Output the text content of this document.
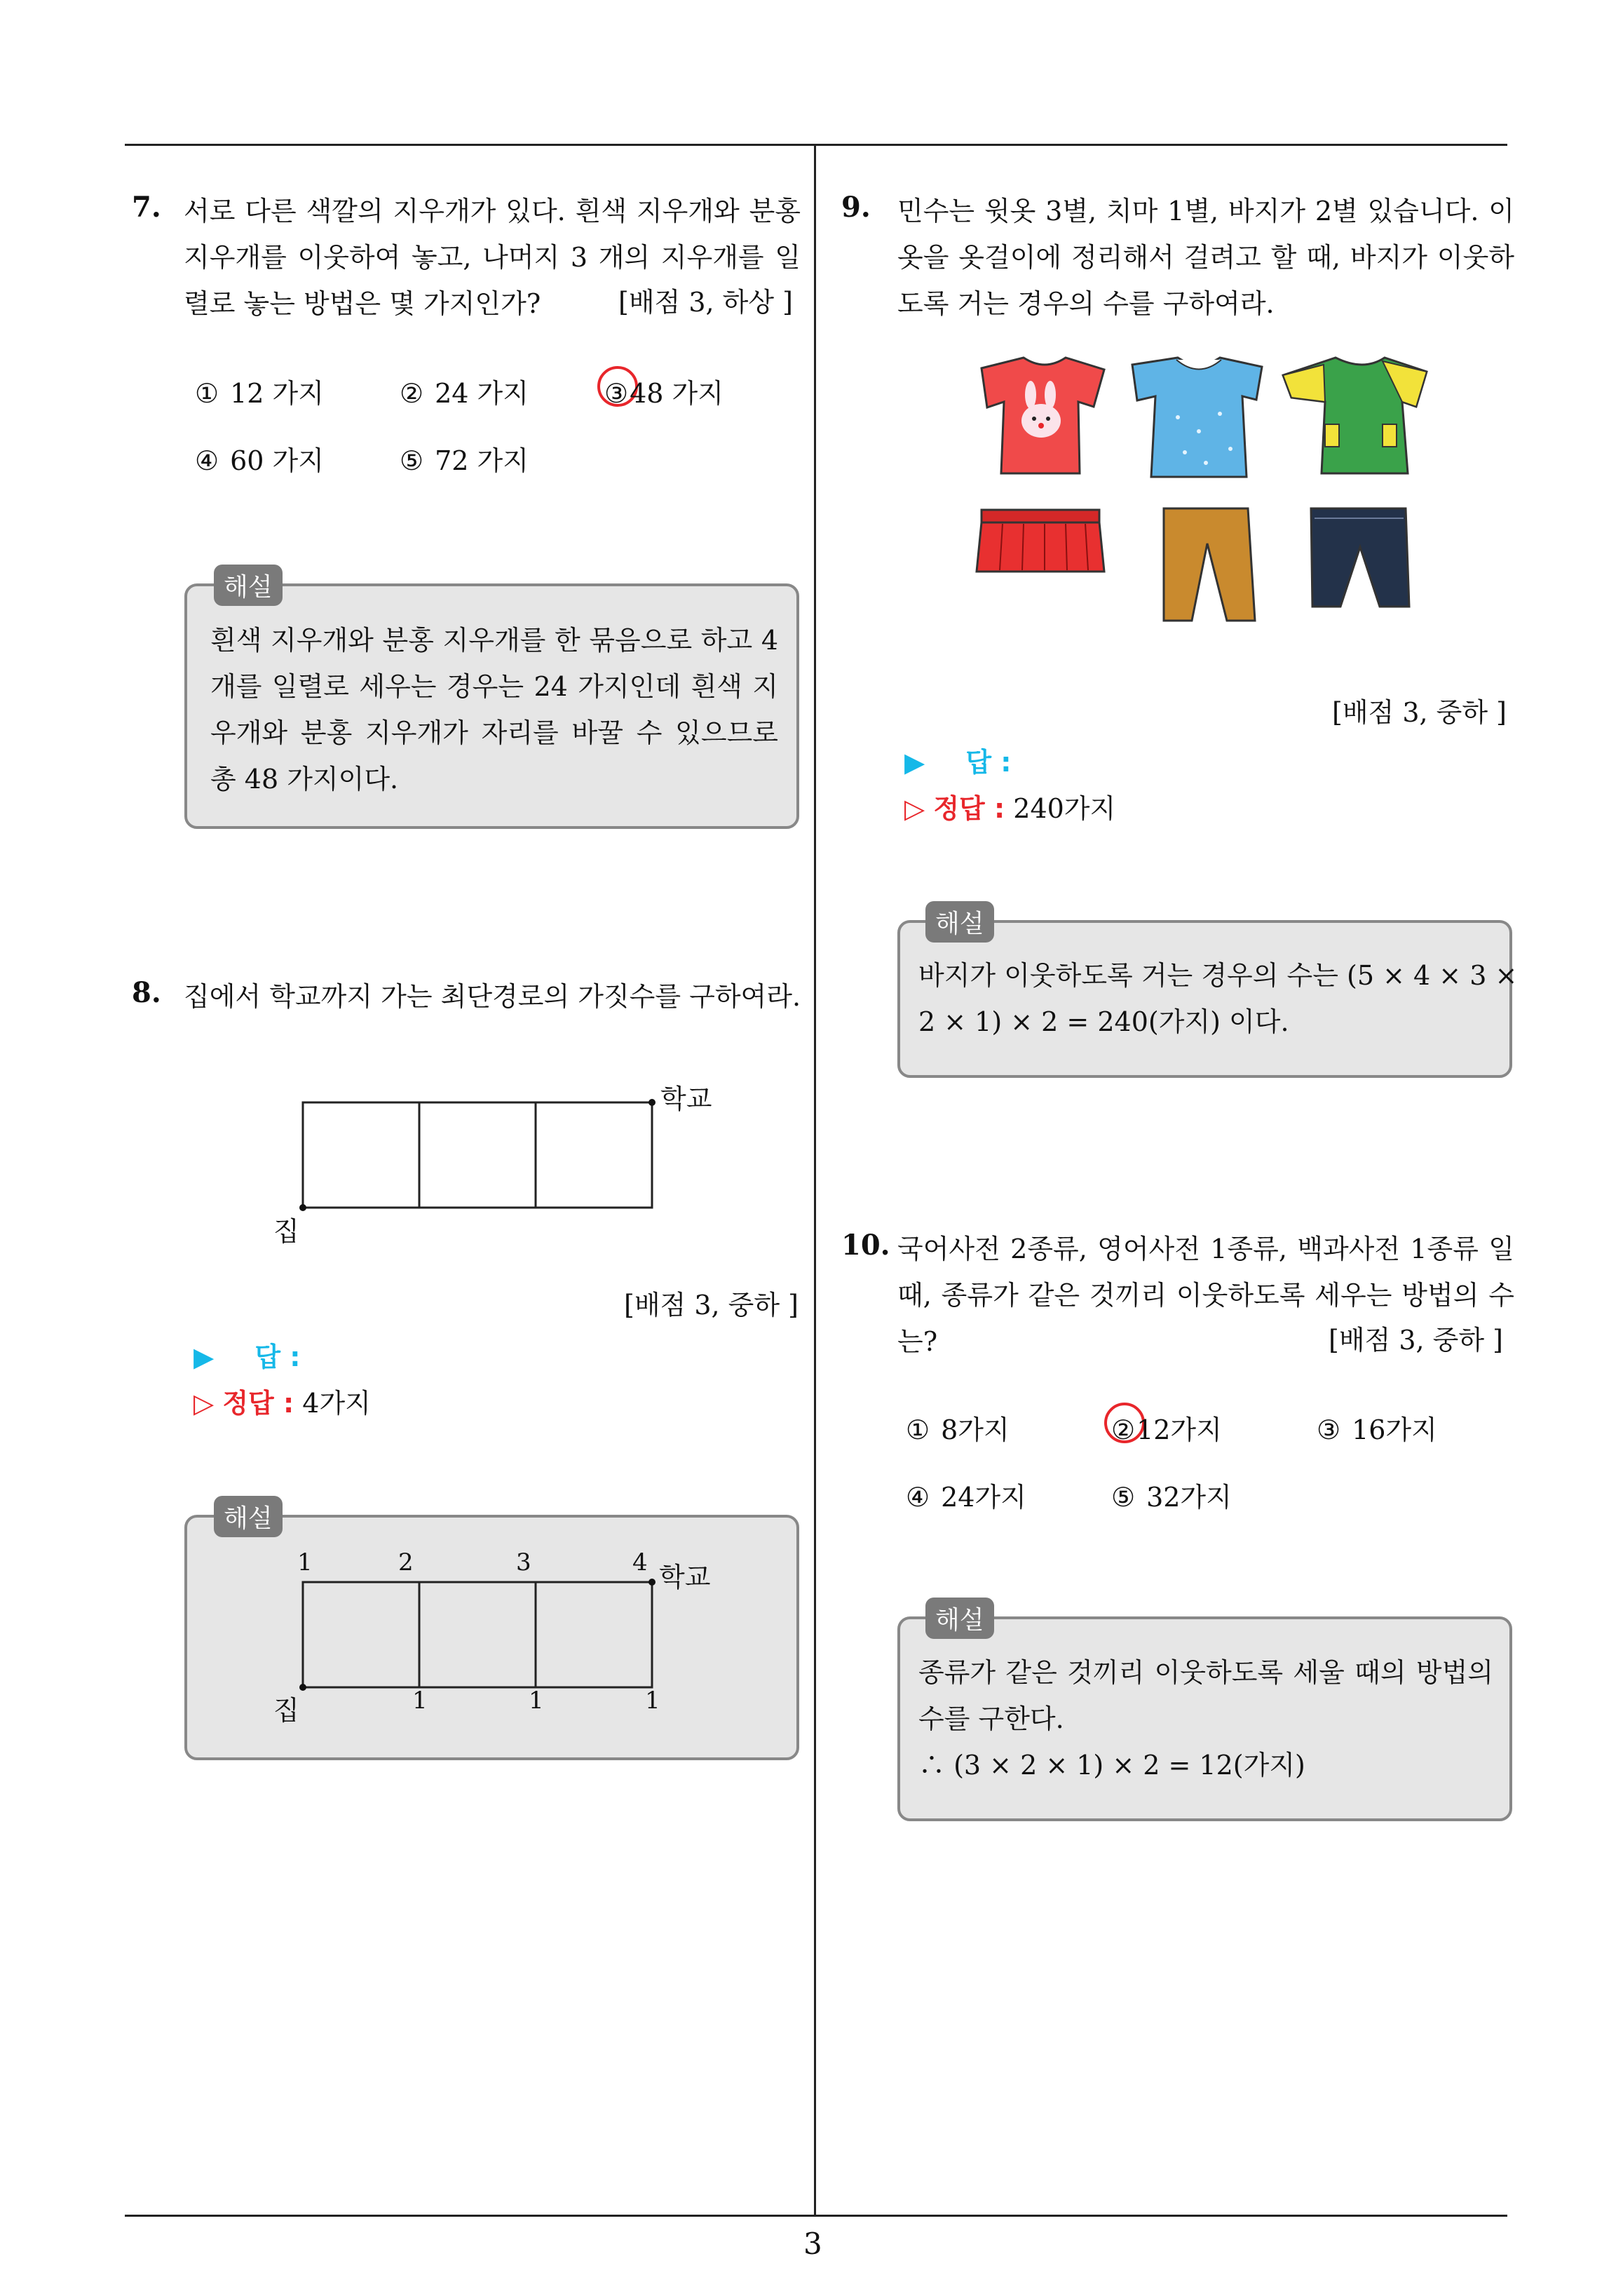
3
7. 서로 다른 색깔의 지우개가 있다. 흰색 지우개와 분홍 지우개를 이웃하여 놓고, 나머지 3 개의 지우개를 일렬로 놓는 방법은 몇 가지인가?	[배점 3, 하상 ]
① 12 가지	② 24 가지	③48 가지
④ 60 가지	⑤ 72 가지
해설
흰색 지우개와 분홍 지우개를 한 묶음으로 하고 4 개를 일렬로 세우는 경우는 24 가지인데 흰색 지우개와 분홍 지우개가 자리를 바꿀 수 있으므로 총 48 가지이다.
8. 집에서 학교까지 가는 최단경로의 가짓수를 구하여라.
학교
집
[배점 3, 중하 ]
▶ 답 :
▷ 정답 : 4가지
해설
1	2	3	4 학교
1	1	1
집
9. 민수는 윗옷 3별, 치마 1별, 바지가 2별 있습니다. 이 옷을 옷걸이에 정리해서 걸려고 할 때, 바지가 이웃하도록 거는 경우의 수를 구하여라.
[배점 3, 중하 ]
▶ 답 :
▷ 정답 : 240가지
해설
바지가 이웃하도록 거는 경우의 수는 (5 × 4 × 3 ×
2 × 1) × 2 = 240(가지) 이다.
10. 국어사전 2종류, 영어사전 1종류, 백과사전 1종류 일 때, 종류가 같은 것끼리 이웃하도록 세우는 방법의 수는?	[배점 3, 중하 ]
① 8가지	②12가지	③ 16가지
④ 24가지	⑤ 32가지
해설
종류가 같은 것끼리 이웃하도록 세울 때의 방법의 수를 구한다.
∴ (3 × 2 × 1) × 2 = 12(가지)
